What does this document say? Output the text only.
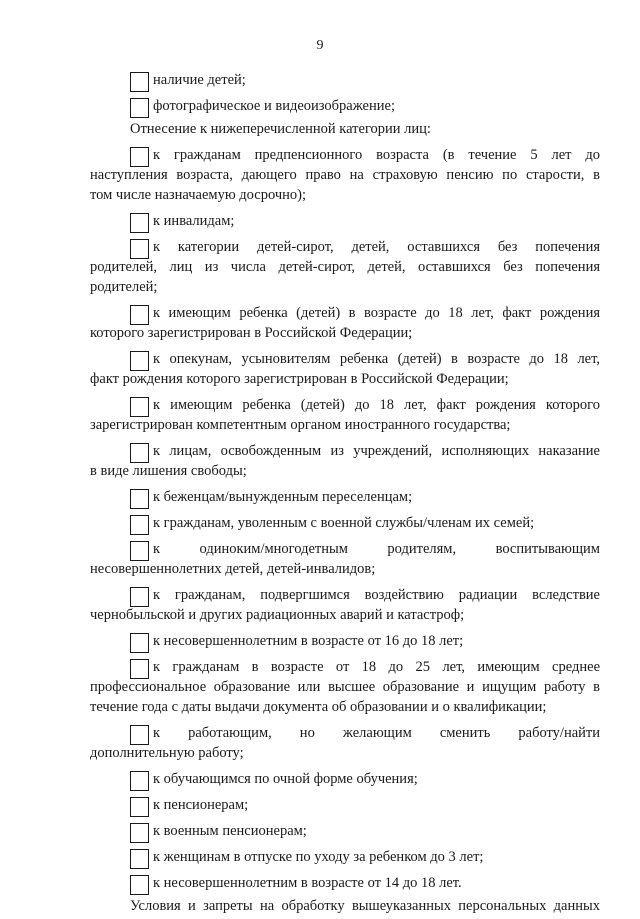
9
наличие детей;
фотографическое и видеоизображение;
Отнесение к нижеперечисленной категории лиц:
к гражданам предпенсионного возраста (в течение 5 лет до
наступления возраста, дающего право на страховую пенсию по старости, в
том числе назначаемую досрочно);
к инвалидам;
к категории детей-сирот, детей, оставшихся без попечения
родителей, лиц из числа детей-сирот, детей, оставшихся без попечения
родителей;
к имеющим ребенка (детей) в возрасте до 18 лет, факт рождения
которого зарегистрирован в Российской Федерации;
к опекунам, усыновителям ребенка (детей) в возрасте до 18 лет,
факт рождения которого зарегистрирован в Российской Федерации;
к имеющим ребенка (детей) до 18 лет, факт рождения которого
зарегистрирован компетентным органом иностранного государства;
к лицам, освобожденным из учреждений, исполняющих наказание
в виде лишения свободы;
к беженцам/вынужденным переселенцам;
к гражданам, уволенным с военной службы/членам их семей;
к одиноким/многодетным родителям, воспитывающим
несовершеннолетних детей, детей-инвалидов;
к гражданам, подвергшимся воздействию радиации вследствие
чернобыльской и других радиационных аварий и катастроф;
к несовершеннолетним в возрасте от 16 до 18 лет;
к гражданам в возрасте от 18 до 25 лет, имеющим среднее
профессиональное образование или высшее образование и ищущим работу в
течение года с даты выдачи документа об образовании и о квалификации;
к работающим, но желающим сменить работу/найти
дополнительную работу;
к обучающимся по очной форме обучения;
к пенсионерам;
к военным пенсионерам;
к женщинам в отпуске по уходу за ребенком до 3 лет;
к несовершеннолетним в возрасте от 14 до 18 лет.
Условия и запреты на обработку вышеуказанных персональных данных
